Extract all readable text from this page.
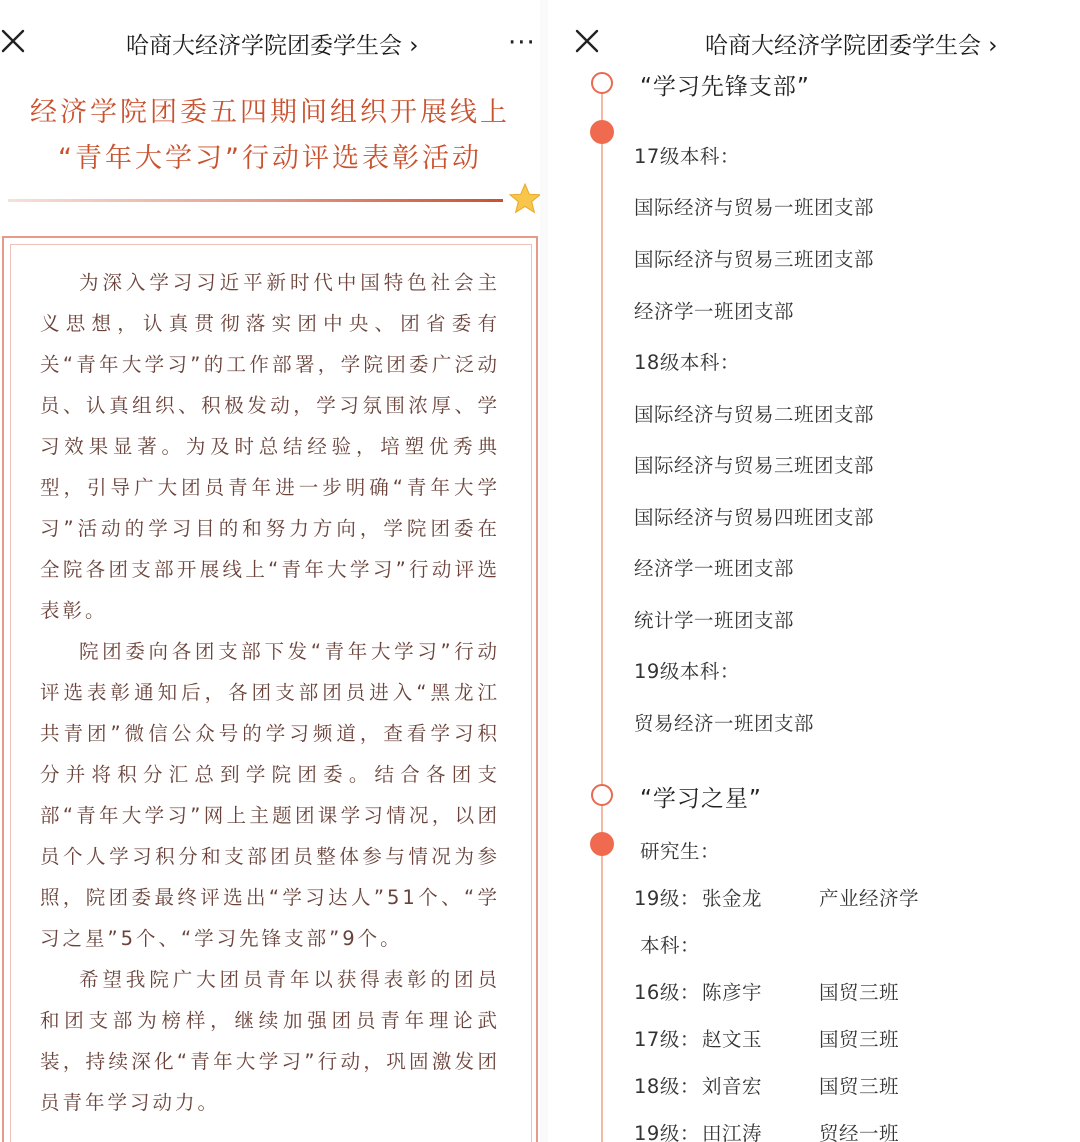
哈商大经济学院团委学生会 ›	···
经济学院团委五四期间组织开展线上
“青年大学习”行动评选表彰活动

为深入学习习近平新时代中国特色社会主义思想，认真贯彻落实团中央、团省委有关“青年大学习”的工作部署，学院团委广泛动员、认真组织、积极发动，学习氛围浓厚、学习效果显著。为及时总结经验，培塑优秀典型，引导广大团员青年进一步明确“青年大学习”活动的学习目的和努力方向，学院团委在全院各团支部开展线上“青年大学习”行动评选表彰。

院团委向各团支部下发“青年大学习”行动评选表彰通知后，各团支部团员进入“黑龙江共青团”微信公众号的学习频道，查看学习积分并将积分汇总到学院团委。结合各团支部“青年大学习”网上主题团课学习情况，以团员个人学习积分和支部团员整体参与情况为参照，院团委最终评选出“学习达人”51个、“学习之星”5个、“学习先锋支部”9个。

希望我院广大团员青年以获得表彰的团员和团支部为榜样，继续加强团员青年理论武装，持续深化“青年大学习”行动，巩固激发团员青年学习动力。

哈商大经济学院团委学生会 ›
“学习先锋支部”
17级本科：
国际经济与贸易一班团支部
国际经济与贸易三班团支部
经济学一班团支部
18级本科：
国际经济与贸易二班团支部
国际经济与贸易三班团支部
国际经济与贸易四班团支部
经济学一班团支部
统计学一班团支部
19级本科：
贸易经济一班团支部
“学习之星”
研究生：
19级： 张金龙	产业经济学
本科：
16级： 陈彦宇	国贸三班
17级： 赵文玉	国贸三班
18级： 刘音宏	国贸三班
19级： 田江涛	贸经一班
